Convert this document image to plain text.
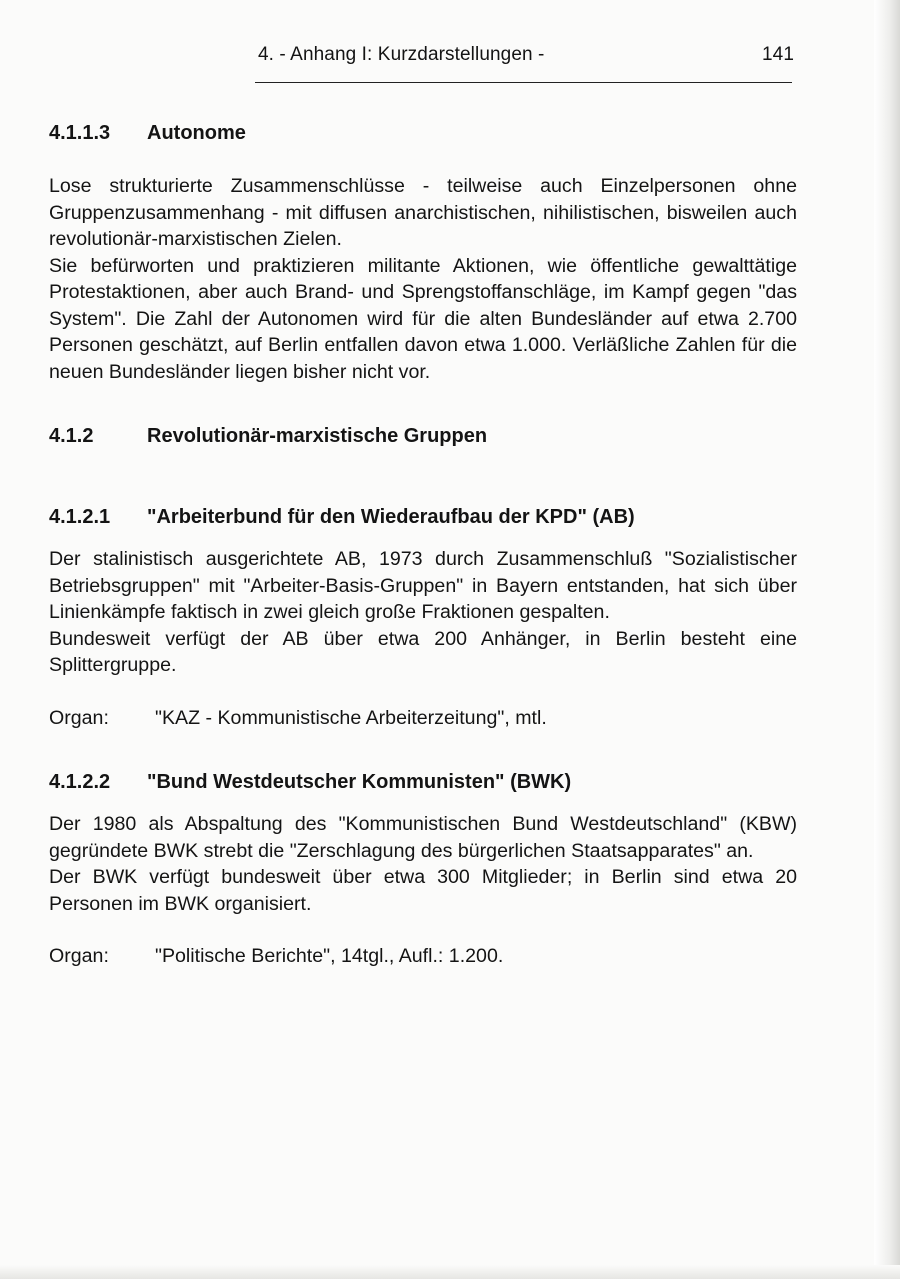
4. - Anhang I: Kurzdarstellungen -	141
4.1.1.3	Autonome

Lose strukturierte Zusammenschlüsse - teilweise auch Einzelpersonen ohne Gruppenzusammenhang - mit diffusen anarchistischen, nihilistischen, bisweilen auch revolutionär-marxistischen Zielen.

Sie befürworten und praktizieren militante Aktionen, wie öffentliche gewalttätige Protestaktionen, aber auch Brand- und Sprengstoffanschläge, im Kampf gegen "das System". Die Zahl der Autonomen wird für die alten Bundesländer auf etwa 2.700 Personen geschätzt, auf Berlin entfallen davon etwa 1.000. Verläßliche Zahlen für die neuen Bundesländer liegen bisher nicht vor.

4.1.2	Revolutionär-marxistische Gruppen
4.1.2.1	"Arbeiterbund für den Wiederaufbau der KPD" (AB)

Der stalinistisch ausgerichtete AB, 1973 durch Zusammenschluß "Sozialistischer Betriebsgruppen" mit "Arbeiter-Basis-Gruppen" in Bayern entstanden, hat sich über Linienkämpfe faktisch in zwei gleich große Fraktionen gespalten.

Bundesweit verfügt der AB über etwa 200 Anhänger, in Berlin besteht eine Splittergruppe.

Organ:	"KAZ - Kommunistische Arbeiterzeitung", mtl.
4.1.2.2	"Bund Westdeutscher Kommunisten" (BWK)

Der 1980 als Abspaltung des "Kommunistischen Bund Westdeutschland" (KBW) gegründete BWK strebt die "Zerschlagung des bürgerlichen Staatsapparates" an.

Der BWK verfügt bundesweit über etwa 300 Mitglieder; in Berlin sind etwa 20 Personen im BWK organisiert.

Organ:	"Politische Berichte", 14tgl., Aufl.: 1.200.
